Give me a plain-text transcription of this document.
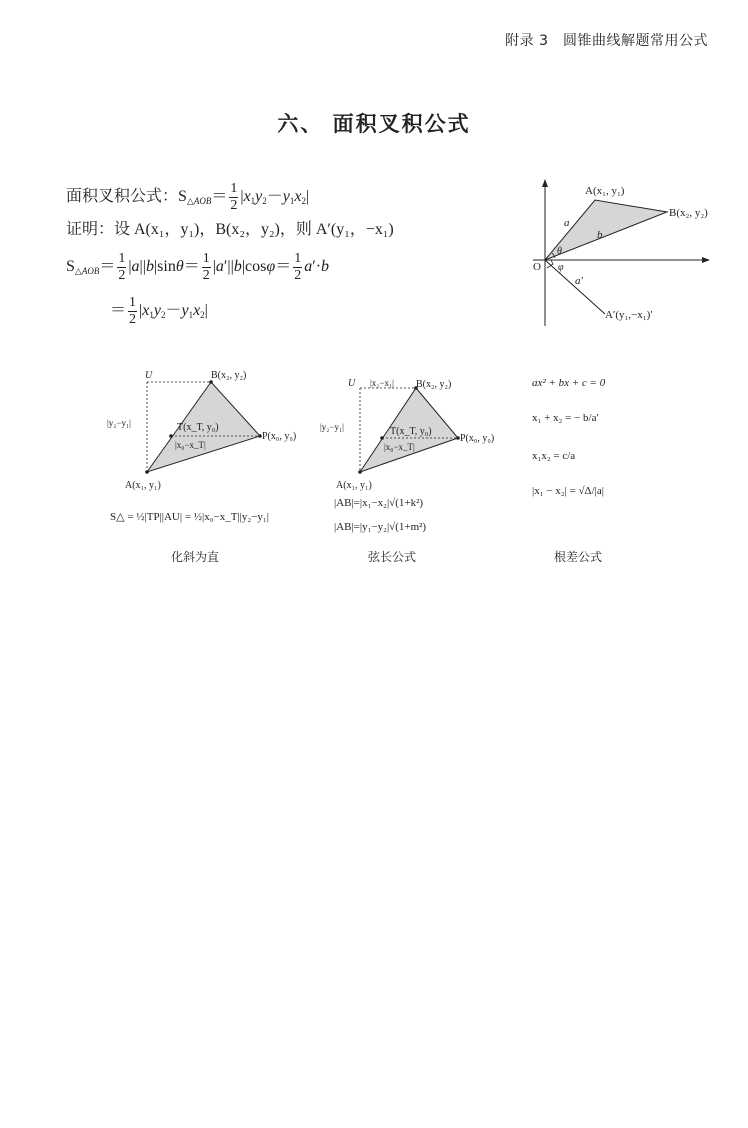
附录 3　圆锥曲线解题常用公式
六、 面积叉积公式
面积叉积公式：$S_{\triangle AOB}= \frac{1}{2} |x_1y_2-y_1x_2|$
证明：设 A(x₁，y₁)，B(x₂，y₂)，则 A′(y₁，−x₁)
$S_{\triangle AOB}= \frac{1}{2} |a||b|\sin\theta= \frac{1}{2} |a'||b|\cos\varphi= \frac{1}{2} a'\cdot b$
＝ $\frac{1}{2} |x_1y_2-y_1x_2|$
A(x₁, y₁)
B(x₂, y₂)
O
a
b
θ
φ
a′
A′(y₁,−x₁)′
U	B(x₂, y₂)
T(x_T, y₀)
P(x₀, y₀)
A(x₁, y₁)
|y₂−y₁|
|x₀−x_T|
S△ = ½|TP||AU| = ½|x₀−x_T||y₂−y₁|
化斜为直
U |x₂−x₁| B(x₂, y₂)
T(x_T, y₀)
P(x₀, y₀)
A(x₁, y₁)
|y₂−y₁|
|x₀−x_T|
|AB|=|x₁−x₂|√(1+k²)
|AB|=|y₁−y₂|√(1+m²)
弦长公式
ax² + bx + c = 0
x₁ + x₂ = − b/a′
x₁x₂ = c/a
|x₁ − x₂| = √Δ/|a|
根差公式
